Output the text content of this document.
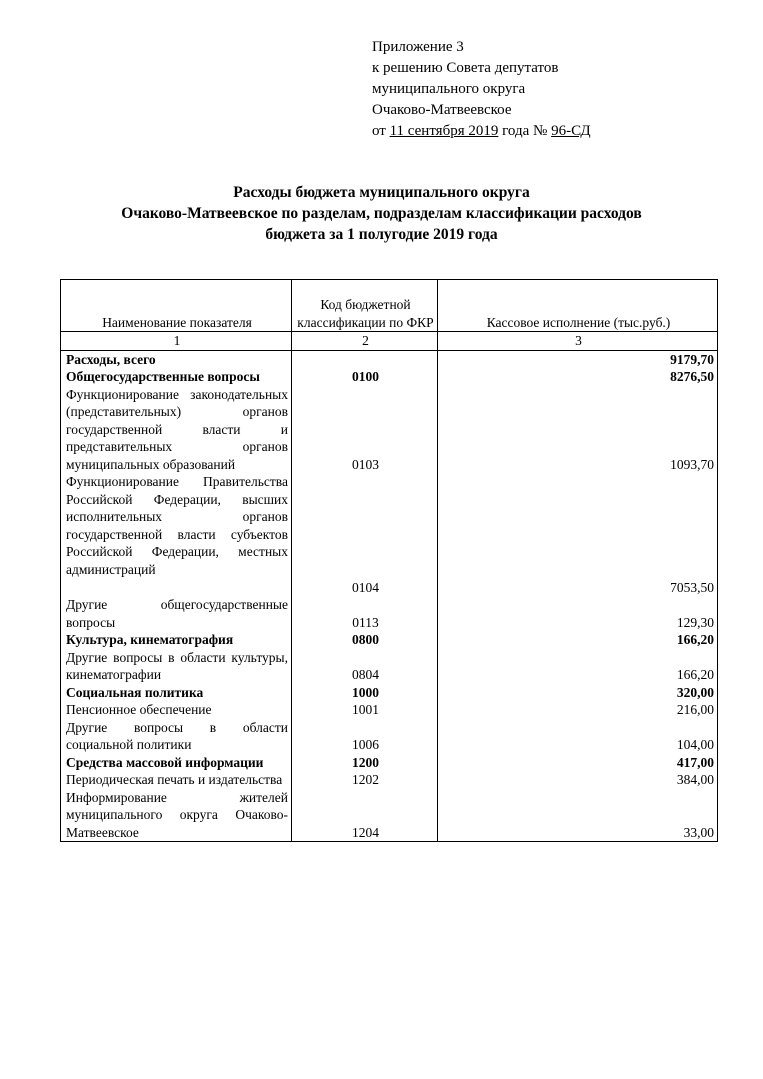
Приложение 3
к решению Совета депутатов
муниципального округа
Очаково-Матвеевское
от 11 сентября 2019 года № 96-СД
Расходы бюджета муниципального округа
Очаково-Матвеевское по разделам, подразделам классификации расходов
бюджета за 1 полугодие 2019 года
Наименование показателя	Код бюджетной классификации по ФКР	Кассовое исполнение (тыс.руб.)
1	2	3
Расходы, всего		9179,70
Общегосударственные вопросы	0100	8276,50
Функционирование законодательных (представительных) органов государственной власти и представительных органов муниципальных образований	0103	1093,70
Функционирование Правительства Российской Федерации, высших исполнительных органов государственной власти субъектов Российской Федерации, местных администраций	0104	7053,50
Другие общегосударственные вопросы	0113	129,30
Культура, кинематография	0800	166,20
Другие вопросы в области культуры, кинематографии	0804	166,20
Социальная политика	1000	320,00
Пенсионное обеспечение	1001	216,00
Другие вопросы в области социальной политики	1006	104,00
Средства массовой информации	1200	417,00
Периодическая печать и издательства	1202	384,00
Информирование жителей муниципального округа Очаково-Матвеевское	1204	33,00
